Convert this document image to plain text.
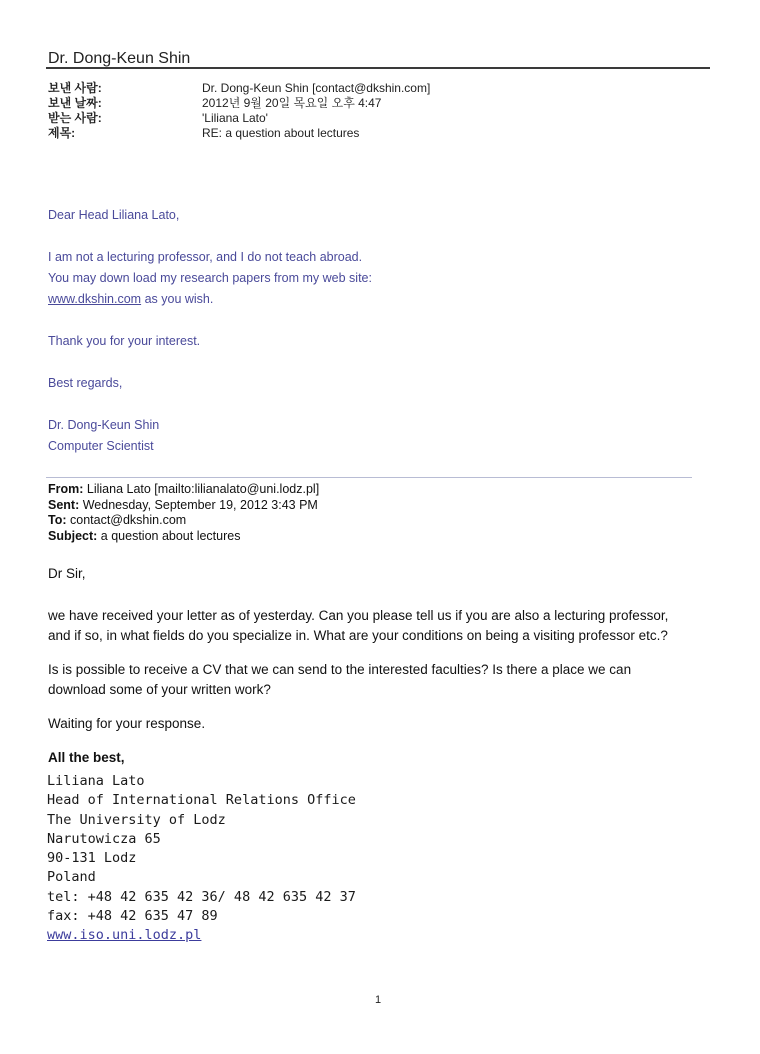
Dr. Dong-Keun Shin
보낸 사람:	Dr. Dong-Keun Shin [contact@dkshin.com]
보낸 날짜:	2012년 9월 20일 목요일 오후 4:47
받는 사람:	'Liliana Lato'
제목:	RE: a question about lectures

Dear Head Liliana Lato,

I am not a lecturing professor, and I do not teach abroad.

You may down load my research papers from my web site:

www.dkshin.com as you wish.

Thank you for your interest.

Best regards,

Dr. Dong-Keun Shin

Computer Scientist

From: Liliana Lato [mailto:lilianalato@uni.lodz.pl]
Sent: Wednesday, September 19, 2012 3:43 PM
To: contact@dkshin.com
Subject: a question about lectures

Dr Sir,

we have received your letter as of yesterday. Can you please tell us if you are also a lecturing professor,

and if so, in what fields do you specialize in. What are your conditions on being a visiting professor etc.?

Is is possible to receive a CV that we can send to the interested faculties? Is there a place we can

download some of your written work?

Waiting for your response.

All the best,

Liliana Lato
Head of International Relations Office
The University of Lodz
Narutowicza 65
90-131 Lodz
Poland
tel: +48 42 635 42 36/ 48 42 635 42 37
fax: +48 42 635 47 89
www.iso.uni.lodz.pl
1
